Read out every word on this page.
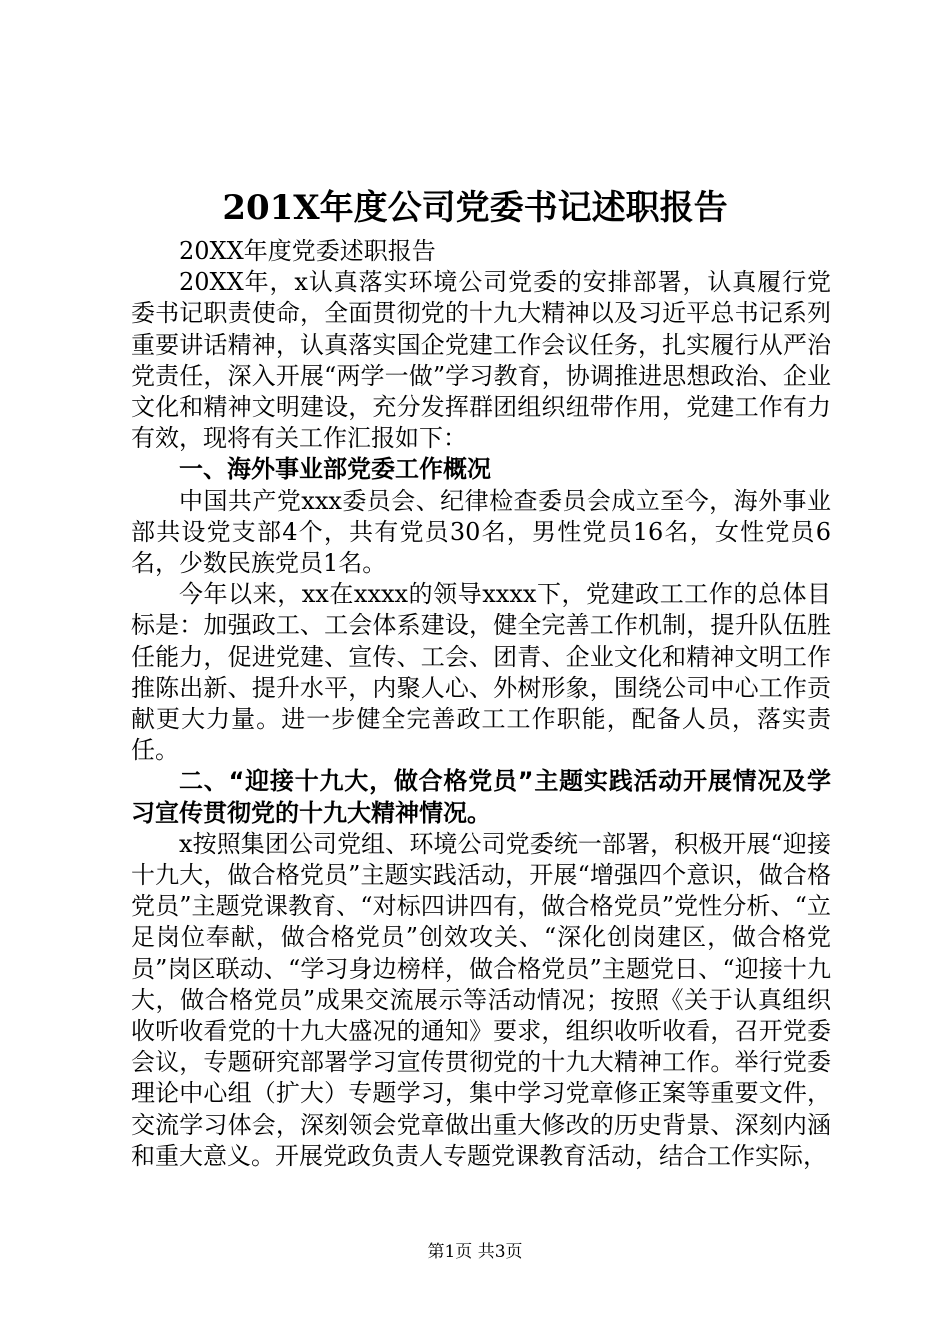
201X年度公司党委书记述职报告

20XX年度党委述职报告

20XX年，x认真落实环境公司党委的安排部署，认真履行党委书记职责使命，全面贯彻党的十九大精神以及习近平总书记系列重要讲话精神，认真落实国企党建工作会议任务，扎实履行从严治党责任，深入开展“两学一做”学习教育，协调推进思想政治、企业文化和精神文明建设，充分发挥群团组织纽带作用，党建工作有力有效，现将有关工作汇报如下：

一、海外事业部党委工作概况

中国共产党xxx委员会、纪律检查委员会成立至今，海外事业部共设党支部4个，共有党员30名，男性党员16名，女性党员6名，少数民族党员1名。

今年以来，xx在xxxx的领导xxxx下，党建政工工作的总体目标是：加强政工、工会体系建设，健全完善工作机制，提升队伍胜任能力，促进党建、宣传、工会、团青、企业文化和精神文明工作推陈出新、提升水平，内聚人心、外树形象，围绕公司中心工作贡献更大力量。进一步健全完善政工工作职能，配备人员，落实责任。

二、“迎接十九大，做合格党员”主题实践活动开展情况及学习宣传贯彻党的十九大精神情况。

x按照集团公司党组、环境公司党委统一部署，积极开展“迎接十九大，做合格党员”主题实践活动，开展“增强四个意识，做合格党员”主题党课教育、“对标四讲四有，做合格党员”党性分析、“立足岗位奉献，做合格党员”创效攻关、“深化创岗建区，做合格党员”岗区联动、“学习身边榜样，做合格党员”主题党日、“迎接十九大，做合格党员”成果交流展示等活动情况；按照《关于认真组织收听收看党的十九大盛况的通知》要求，组织收听收看，召开党委会议，专题研究部署学习宣传贯彻党的十九大精神工作。举行党委理论中心组（扩大）专题学习，集中学习党章修正案等重要文件，交流学习体会，深刻领会党章做出重大修改的历史背景、深刻内涵和重大意义。开展党政负责人专题党课教育活动，结合工作实际，

第1页 共3页
